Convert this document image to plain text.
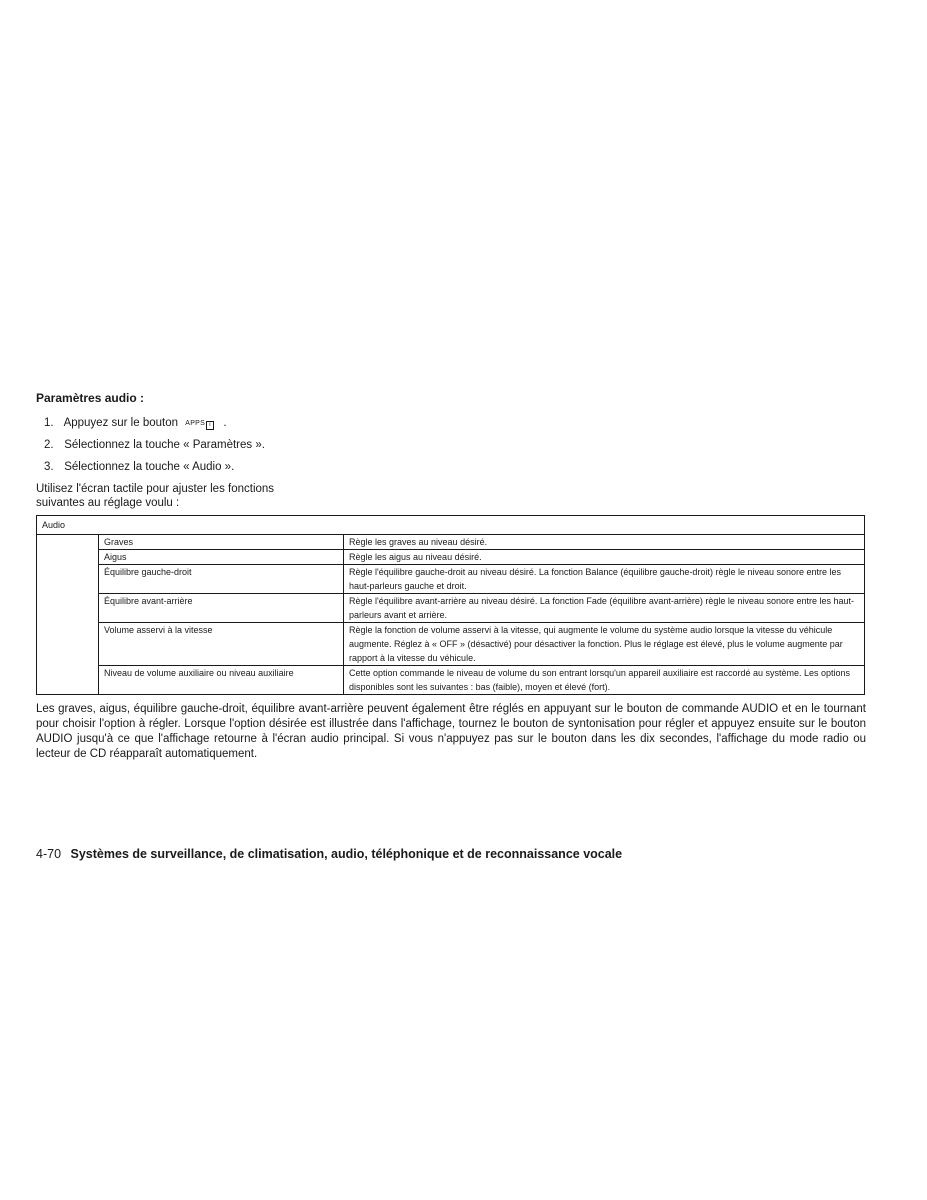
Paramètres audio :
1. Appuyez sur le bouton APPS i .
2. Sélectionnez la touche « Paramètres ».
3. Sélectionnez la touche « Audio ».

Utilisez l'écran tactile pour ajuster les fonctions suivantes au réglage voulu :

Audio		
	Graves	Règle les graves au niveau désiré.
	Aigus	Règle les aigus au niveau désiré.
	Équilibre gauche-droit	Règle l'équilibre gauche-droit au niveau désiré. La fonction Balance (équilibre gauche-droit) règle le niveau sonore entre les haut-parleurs gauche et droit.
	Équilibre avant-arrière	Règle l'équilibre avant-arrière au niveau désiré. La fonction Fade (équilibre avant-arrière) règle le niveau sonore entre les haut-parleurs avant et arrière.
	Volume asservi à la vitesse	Règle la fonction de volume asservi à la vitesse, qui augmente le volume du système audio lorsque la vitesse du véhicule augmente. Réglez à « OFF » (désactivé) pour désactiver la fonction. Plus le réglage est élevé, plus le volume augmente par rapport à la vitesse du véhicule.
	Niveau de volume auxiliaire ou niveau auxiliaire	Cette option commande le niveau de volume du son entrant lorsqu'un appareil auxiliaire est raccordé au système. Les options disponibles sont les suivantes : bas (faible), moyen et élevé (fort).

Les graves, aigus, équilibre gauche-droit, équilibre avant-arrière peuvent également être réglés en appuyant sur le bouton de commande AUDIO et en le tournant pour choisir l'option à régler. Lorsque l'option désirée est illustrée dans l'affichage, tournez le bouton de syntonisation pour régler et appuyez ensuite sur le bouton AUDIO jusqu'à ce que l'affichage retourne à l'écran audio principal. Si vous n'appuyez pas sur le bouton dans les dix secondes, l'affichage du mode radio ou lecteur de CD réapparaît automatiquement.

4-70 Systèmes de surveillance, de climatisation, audio, téléphonique et de reconnaissance vocale
